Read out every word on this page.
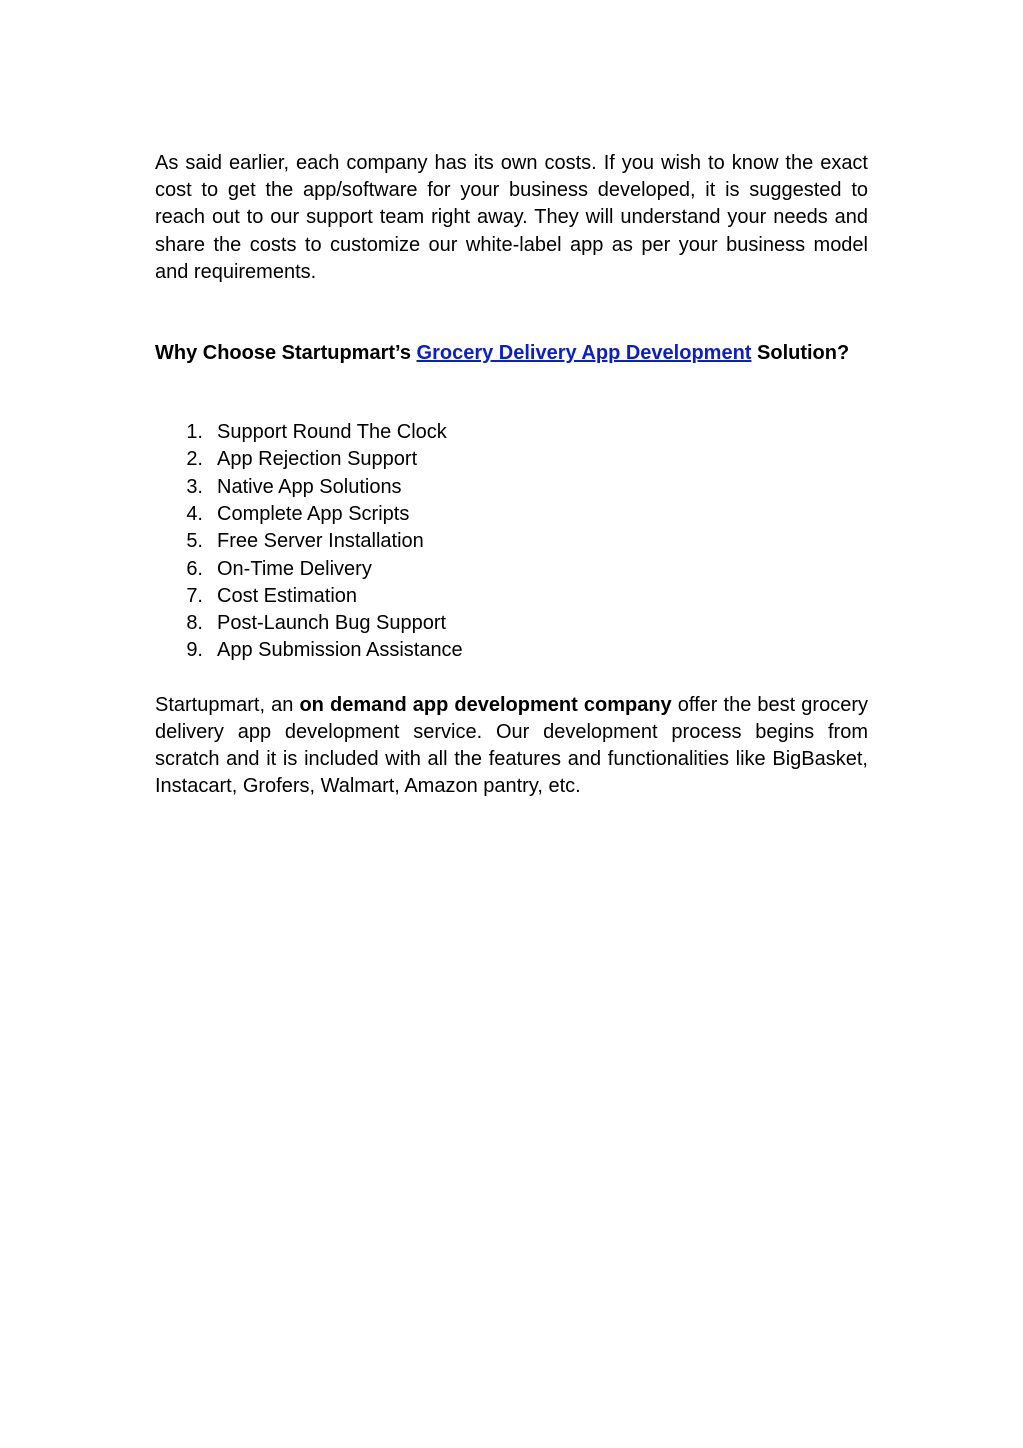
As said earlier, each company has its own costs. If you wish to know the exact cost to get the app/software for your business developed, it is suggested to reach out to our support team right away. They will understand your needs and share the costs to customize our white-label app as per your business model and requirements.

Why Choose Startupmart’s Grocery Delivery App Development Solution?

1. Support Round The Clock
2. App Rejection Support
3. Native App Solutions
4. Complete App Scripts
5. Free Server Installation
6. On-Time Delivery
7. Cost Estimation
8. Post-Launch Bug Support
9. App Submission Assistance

Startupmart, an on demand app development company offer the best grocery delivery app development service. Our development process begins from scratch and it is included with all the features and functionalities like BigBasket, Instacart, Grofers, Walmart, Amazon pantry, etc.
